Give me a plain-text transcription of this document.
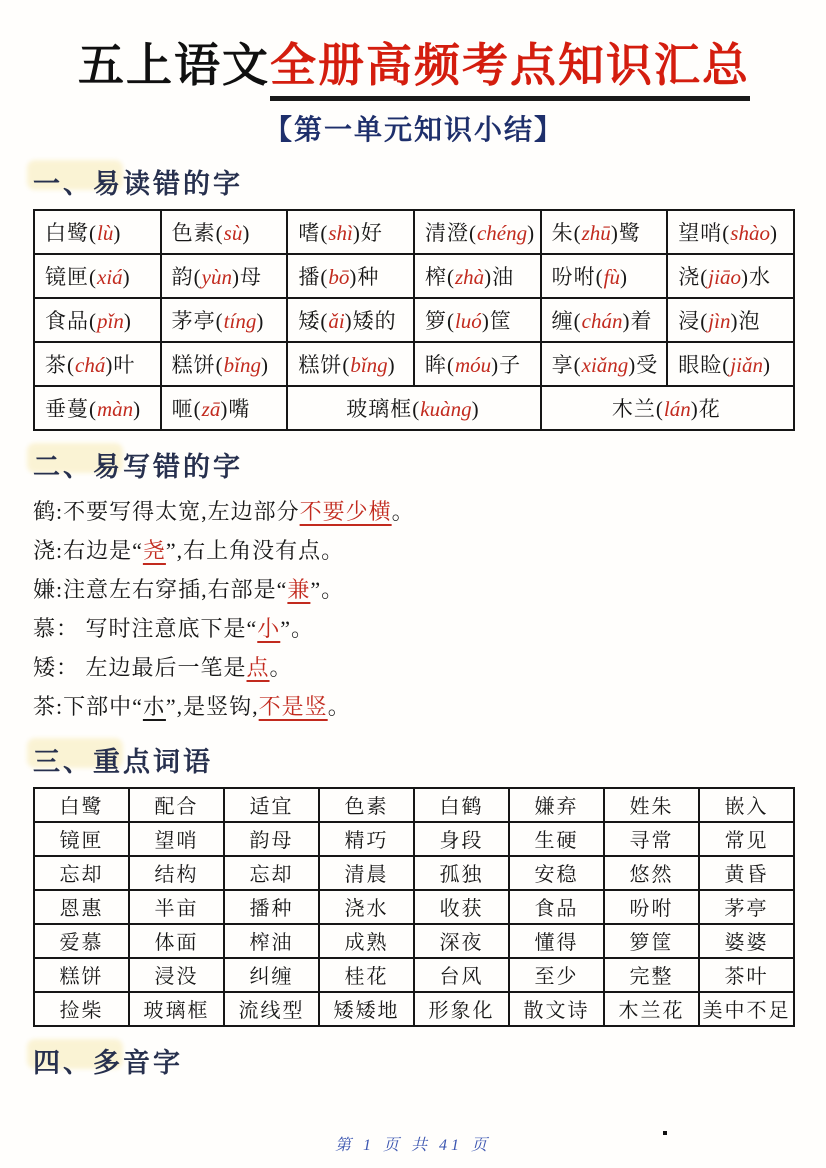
五上语文全册高频考点知识汇总
【第一单元知识小结】
一、易读错的字
白鹭(lù)	色素(sù)	嗜(shì)好	清澄(chéng)	朱(zhū)鹭	望哨(shào)
镜匣(xiá)	韵(yùn)母	播(bō)种	榨(zhà)油	吩咐(fù)	浇(jiāo)水
食品(pǐn)	茅亭(tíng)	矮(ǎi)矮的	箩(luó)筐	缠(chán)着	浸(jìn)泡
茶(chá)叶	糕饼(bǐng)	糕饼(bǐng)	眸(móu)子	享(xiǎng)受	眼睑(jiǎn)
垂蔓(màn)	咂(zā)嘴	玻璃框(kuàng)		木兰(lán)花	
二、易写错的字
鹤:不要写得太宽,左边部分不要少横。
浇:右边是“尧”,右上角没有点。
嫌:注意左右穿插,右部是“兼”。
慕： 写时注意底下是“小”。
矮： 左边最后一笔是点。
茶:下部中“朩”,是竖钩,不是竖。
三、重点词语
白鹭	配合	适宜	色素	白鹤	嫌弃	姓朱	嵌入
镜匣	望哨	韵母	精巧	身段	生硬	寻常	常见
忘却	结构	忘却	清晨	孤独	安稳	悠然	黄昏
恩惠	半亩	播种	浇水	收获	食品	吩咐	茅亭
爱慕	体面	榨油	成熟	深夜	懂得	箩筐	婆婆
糕饼	浸没	纠缠	桂花	台风	至少	完整	茶叶
捡柴	玻璃框	流线型	矮矮地	形象化	散文诗	木兰花	美中不足
四、多音字
第 1 页 共 41 页
